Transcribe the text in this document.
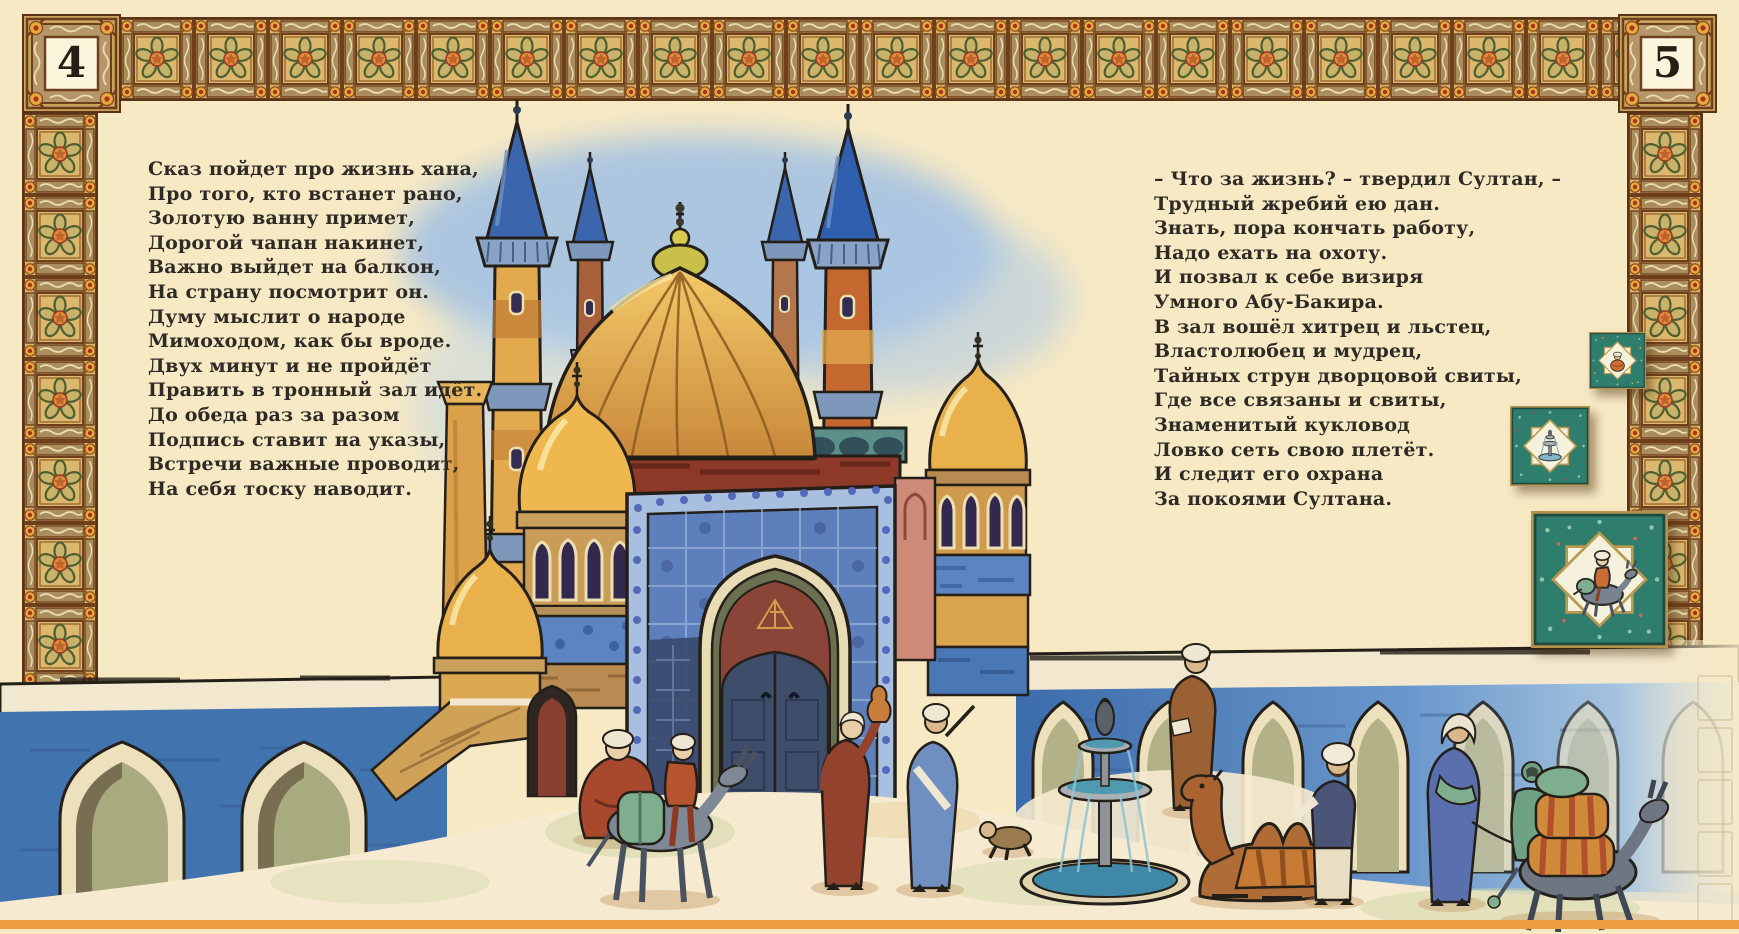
4	5
Сказ пойдет про жизнь хана,
Про того, кто встанет рано,
Золотую ванну примет,
Дорогой чапан накинет,
Важно выйдет на балкон,
На страну посмотрит он.
Думу мыслит о народе
Мимоходом, как бы вроде.
Двух минут и не пройдёт
Править в тронный зал идёт.
До обеда раз за разом
Подпись ставит на указы,
Встречи важные проводит,
На себя тоску наводит.
– Что за жизнь? – твердил Султан, –
Трудный жребий ею дан.
Знать, пора кончать работу,
Надо ехать на охоту.
И позвал к себе визиря
Умного Абу-Бакира.
В зал вошёл хитрец и льстец,
Властолюбец и мудрец,
Тайных струн дворцовой свиты,
Где все связаны и свиты,
Знаменитый кукловод
Ловко сеть свою плетёт.
И следит его охрана
За покоями Султана.
